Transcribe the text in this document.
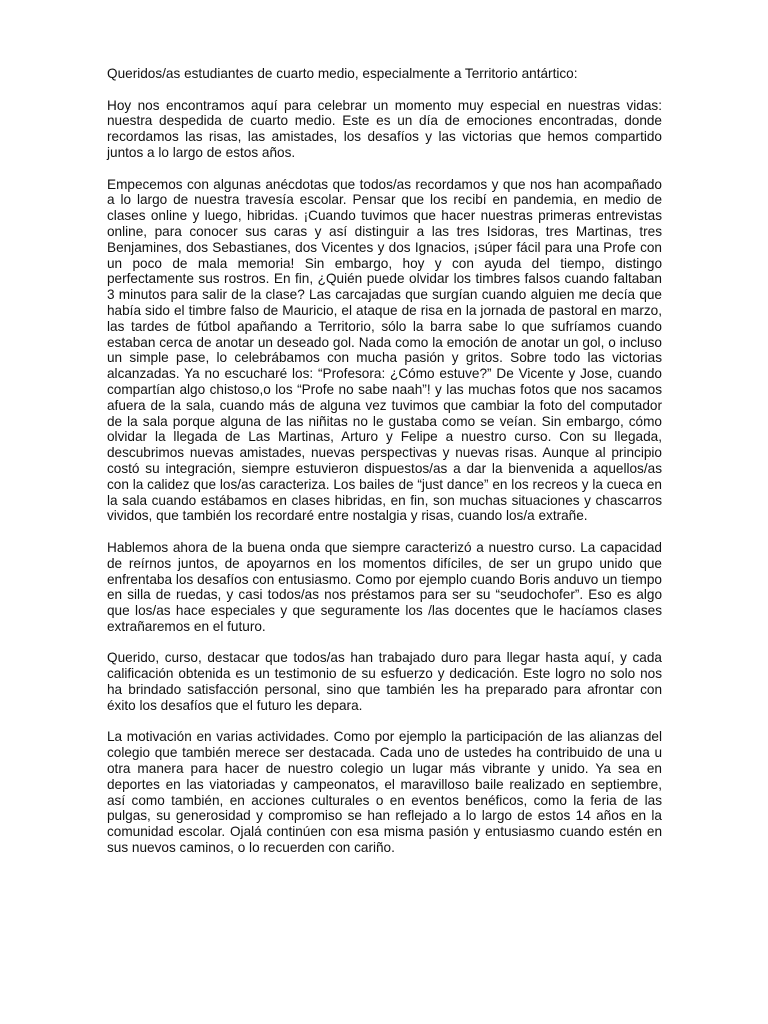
Queridos/as estudiantes de cuarto medio, especialmente a Territorio antártico:

Hoy nos encontramos aquí para celebrar un momento muy especial en nuestras vidas: nuestra despedida de cuarto medio. Este es un día de emociones encontradas, donde recordamos las risas, las amistades, los desafíos y las victorias que hemos compartido juntos a lo largo de estos años.

Empecemos con algunas anécdotas que todos/as recordamos y que nos han acompañado a lo largo de nuestra travesía escolar. Pensar que los recibí en pandemia, en medio de clases online y luego, hibridas. ¡Cuando tuvimos que hacer nuestras primeras entrevistas online, para conocer sus caras y así distinguir a las tres Isidoras, tres Martinas, tres Benjamines, dos Sebastianes, dos Vicentes y dos Ignacios, ¡súper fácil para una Profe con un poco de mala memoria! Sin embargo, hoy y con ayuda del tiempo, distingo perfectamente sus rostros. En fin, ¿Quién puede olvidar los timbres falsos cuando faltaban 3 minutos para salir de la clase? Las carcajadas que surgían cuando alguien me decía que había sido el timbre falso de Mauricio, el ataque de risa en la jornada de pastoral en marzo, las tardes de fútbol apañando a Territorio, sólo la barra sabe lo que sufríamos cuando estaban cerca de anotar un deseado gol. Nada como la emoción de anotar un gol, o incluso un simple pase, lo celebrábamos con mucha pasión y gritos. Sobre todo las victorias alcanzadas. Ya no escucharé los: “Profesora: ¿Cómo estuve?” De Vicente y Jose, cuando compartían algo chistoso,o los “Profe no sabe naah”! y las muchas fotos que nos sacamos afuera de la sala, cuando más de alguna vez tuvimos que cambiar la foto del computador de la sala porque alguna de las niñitas no le gustaba como se veían. Sin embargo, cómo olvidar la llegada de Las Martinas, Arturo y Felipe a nuestro curso. Con su llegada, descubrimos nuevas amistades, nuevas perspectivas y nuevas risas. Aunque al principio costó su integración, siempre estuvieron dispuestos/as a dar la bienvenida a aquellos/as con la calidez que los/as caracteriza. Los bailes de “just dance” en los recreos y la cueca en la sala cuando estábamos en clases hibridas, en fin, son muchas situaciones y chascarros vividos, que también los recordaré entre nostalgia y risas, cuando los/a extrañe.

Hablemos ahora de la buena onda que siempre caracterizó a nuestro curso. La capacidad de reírnos juntos, de apoyarnos en los momentos difíciles, de ser un grupo unido que enfrentaba los desafíos con entusiasmo. Como por ejemplo cuando Boris anduvo un tiempo en silla de ruedas, y casi todos/as nos préstamos para ser su “seudochofer”. Eso es algo que los/as hace especiales y que seguramente los /las docentes que le hacíamos clases extrañaremos en el futuro.

Querido, curso, destacar que todos/as han trabajado duro para llegar hasta aquí, y cada calificación obtenida es un testimonio de su esfuerzo y dedicación. Este logro no solo nos ha brindado satisfacción personal, sino que también les ha preparado para afrontar con éxito los desafíos que el futuro les depara.

La motivación en varias actividades. Como por ejemplo la participación de las alianzas del colegio que también merece ser destacada. Cada uno de ustedes ha contribuido de una u otra manera para hacer de nuestro colegio un lugar más vibrante y unido. Ya sea en deportes en las viatoriadas y campeonatos, el maravilloso baile realizado en septiembre, así como también, en acciones culturales o en eventos benéficos, como la feria de las pulgas, su generosidad y compromiso se han reflejado a lo largo de estos 14 años en la comunidad escolar. Ojalá continúen con esa misma pasión y entusiasmo cuando estén en sus nuevos caminos, o lo recuerden con cariño.
